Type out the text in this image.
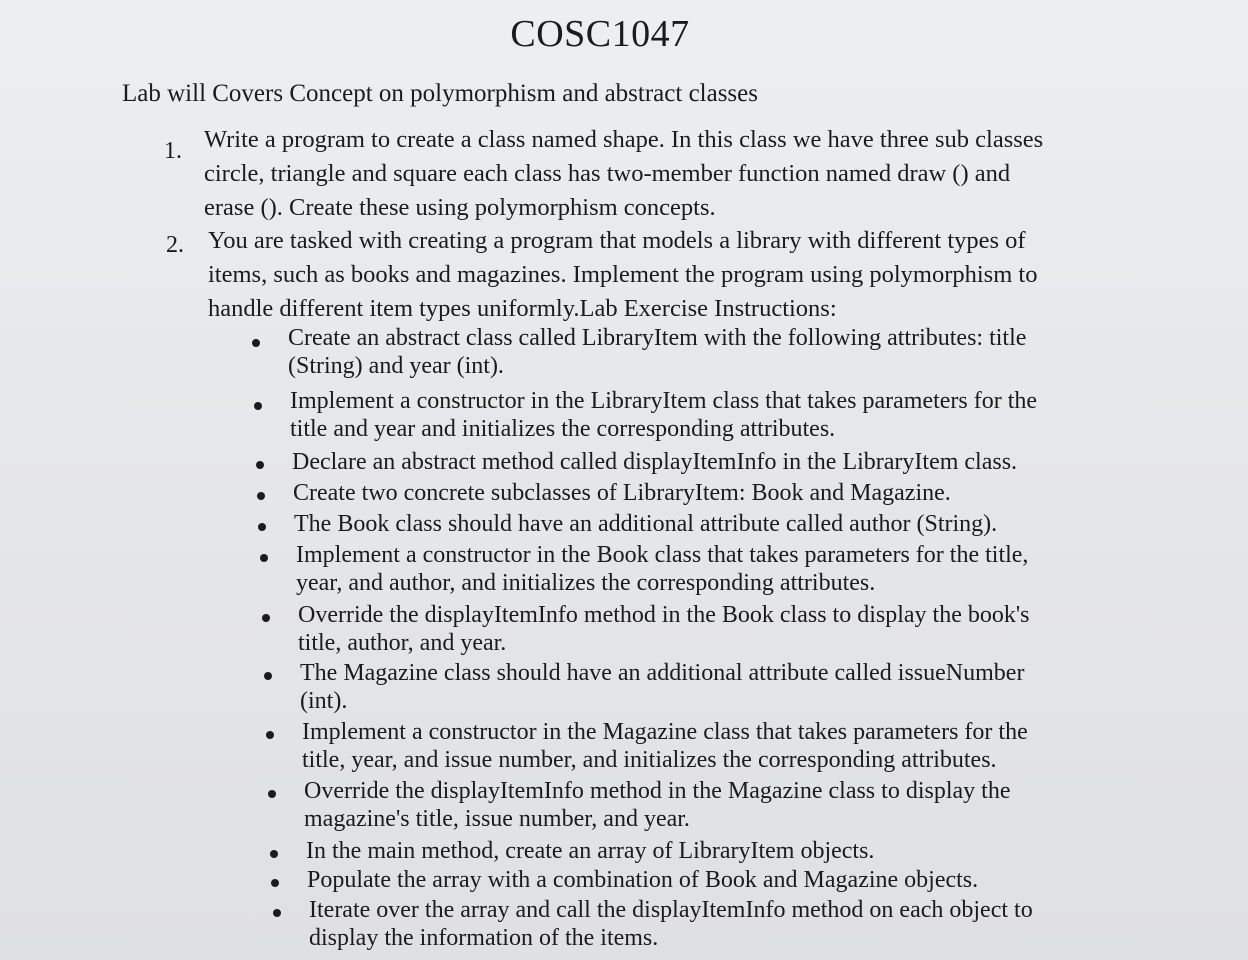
COSC1047
Lab will Covers Concept on polymorphism and abstract classes
1. Write a program to create a class named shape. In this class we have three sub classes
circle, triangle and square each class has two-member function named draw () and
erase (). Create these using polymorphism concepts.
2. You are tasked with creating a program that models a library with different types of
items, such as books and magazines. Implement the program using polymorphism to
handle different item types uniformly.Lab Exercise Instructions:
Create an abstract class called LibraryItem with the following attributes: title
(String) and year (int).
Implement a constructor in the LibraryItem class that takes parameters for the
title and year and initializes the corresponding attributes.
Declare an abstract method called displayItemInfo in the LibraryItem class.
Create two concrete subclasses of LibraryItem: Book and Magazine.
The Book class should have an additional attribute called author (String).
Implement a constructor in the Book class that takes parameters for the title,
year, and author, and initializes the corresponding attributes.
Override the displayItemInfo method in the Book class to display the book's
title, author, and year.
The Magazine class should have an additional attribute called issueNumber
(int).
Implement a constructor in the Magazine class that takes parameters for the
title, year, and issue number, and initializes the corresponding attributes.
Override the displayItemInfo method in the Magazine class to display the
magazine's title, issue number, and year.
In the main method, create an array of LibraryItem objects.
Populate the array with a combination of Book and Magazine objects.
Iterate over the array and call the displayItemInfo method on each object to
display the information of the items.
